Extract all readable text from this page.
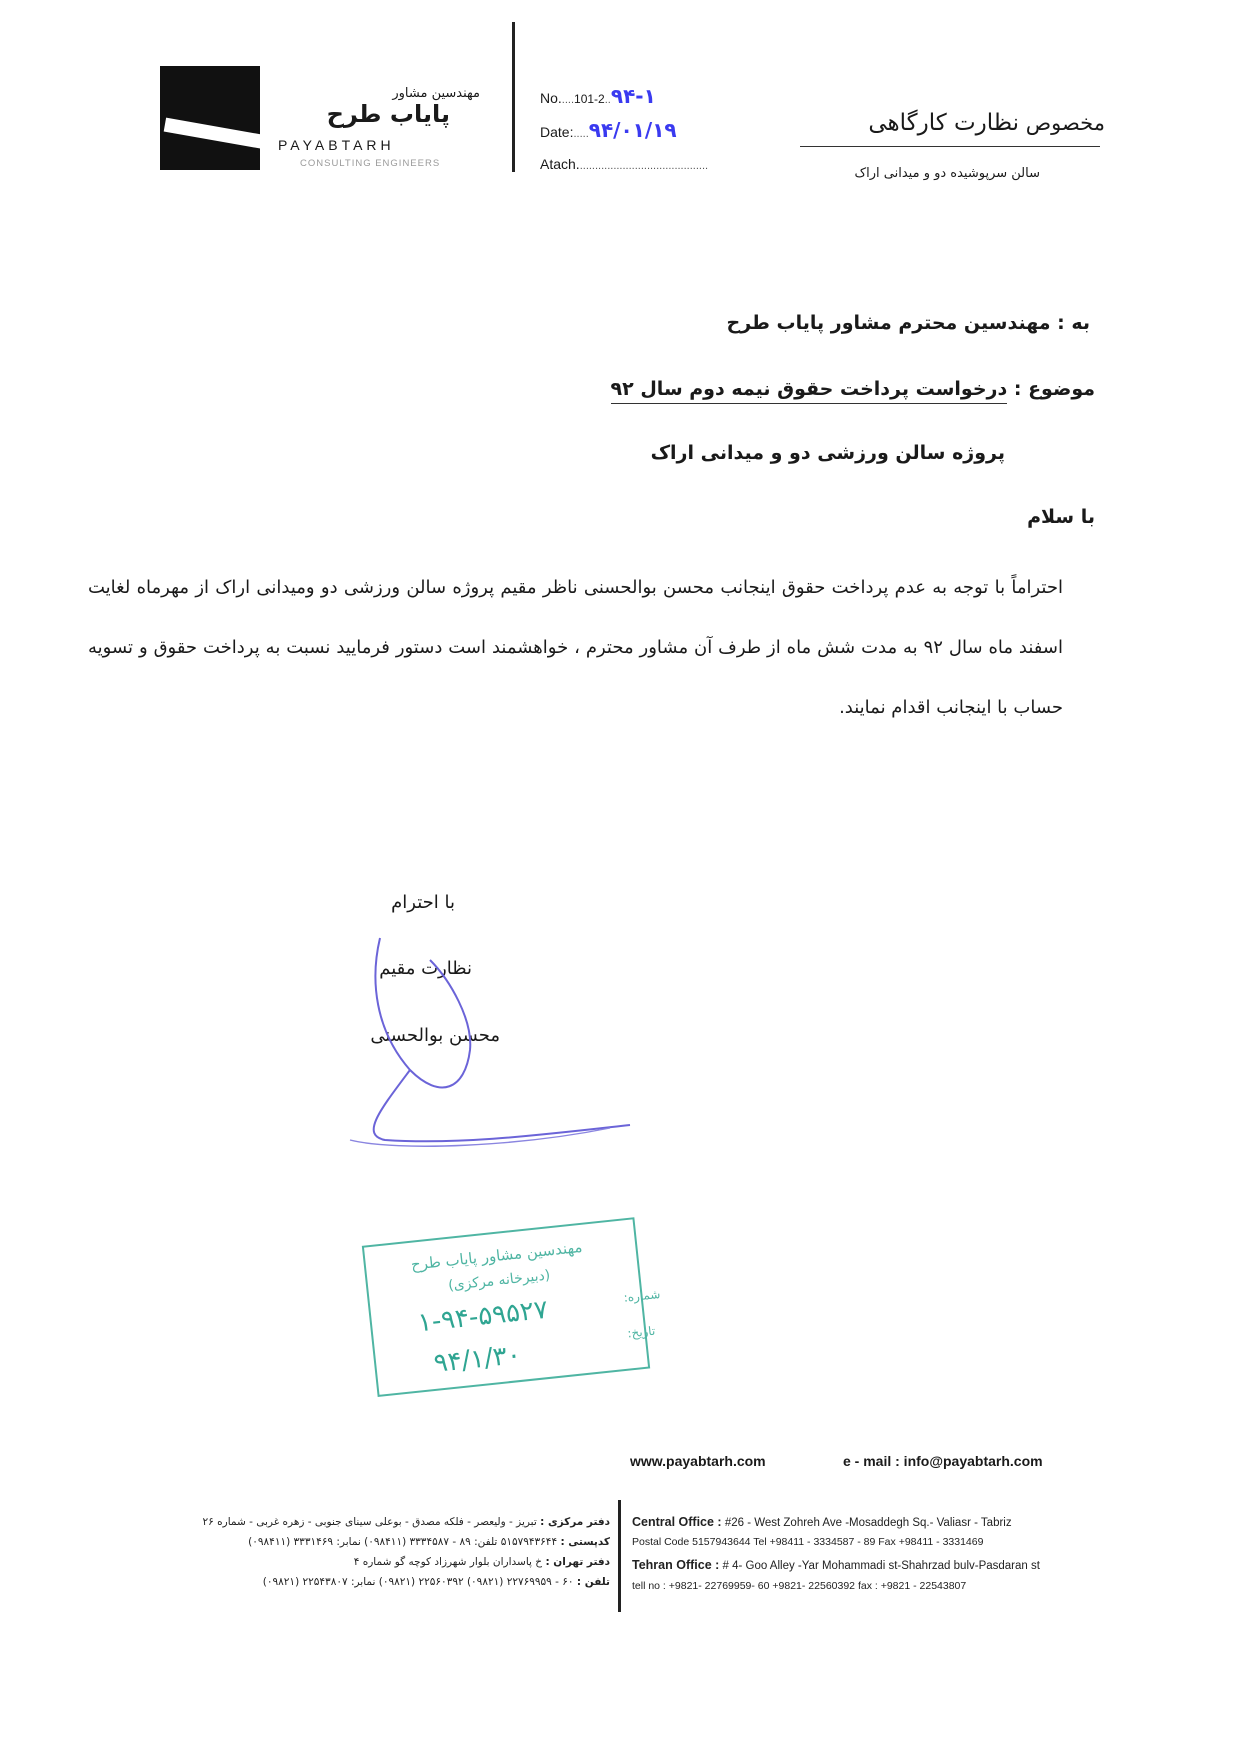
مهندسین مشاور
پایاب طرح
PAYABTARH
CONSULTING ENGINEERS
No.....101-2..۹۴-۱
Date:.....۹۴/۰۱/۱۹
Atach...........................................
مخصوص نظارت کارگاهی
سالن سرپوشیده دو و میدانی اراک
به : مهندسین محترم مشاور پایاب طرح
موضوع : درخواست پرداخت حقوق نیمه دوم سال ۹۲
پروژه سالن ورزشی دو و میدانی اراک
با سلام
احتراماً با توجه به عدم پرداخت حقوق اینجانب محسن بوالحسنی ناظر مقیم پروژه سالن ورزشی دو ومیدانی اراک از مهرماه لغایت اسفند ماه سال ۹۲ به مدت شش ماه از طرف آن مشاور محترم ، خواهشمند است دستور فرمایید نسبت به پرداخت حقوق و تسویه حساب با اینجانب اقدام نمایند.
با احترام
نظارت مقیم
محسن بوالحسنی
مهندسین مشاور پایاب طرح
(دبیرخانه مرکزی)
شماره:
تاریخ:
۱-۹۴-۵۹۵۲۷
۹۴/۱/۳۰
www.payabtarh.com	e - mail : info@payabtarh.com
Central Office : #26 - West Zohreh Ave -Mosaddegh Sq.- Valiasr - Tabriz
Postal Code 5157943644 Tel +98411 - 3334587 - 89 Fax +98411 - 3331469
Tehran Office : # 4- Goo Alley -Yar Mohammadi st-Shahrzad bulv-Pasdaran st
tell no : +9821- 22769959- 60 +9821- 22560392 fax : +9821 - 22543807
دفتر مرکزی : تبریز - ولیعصر - فلکه مصدق - بوعلی سینای جنوبی - زهره غربی - شماره ۲۶
کدپستی : ۵۱۵۷۹۴۳۶۴۴ تلفن: ۸۹ - ۳۳۳۴۵۸۷ (۰۹۸۴۱۱) نمابر: ۳۳۳۱۴۶۹ (۰۹۸۴۱۱)
دفتر تهران : خ پاسداران بلوار شهرزاد کوچه گو شماره ۴
تلفن : ۶۰ - ۲۲۷۶۹۹۵۹ (۰۹۸۲۱) ۲۲۵۶۰۳۹۲ (۰۹۸۲۱) نمابر: ۲۲۵۴۳۸۰۷ (۰۹۸۲۱)
